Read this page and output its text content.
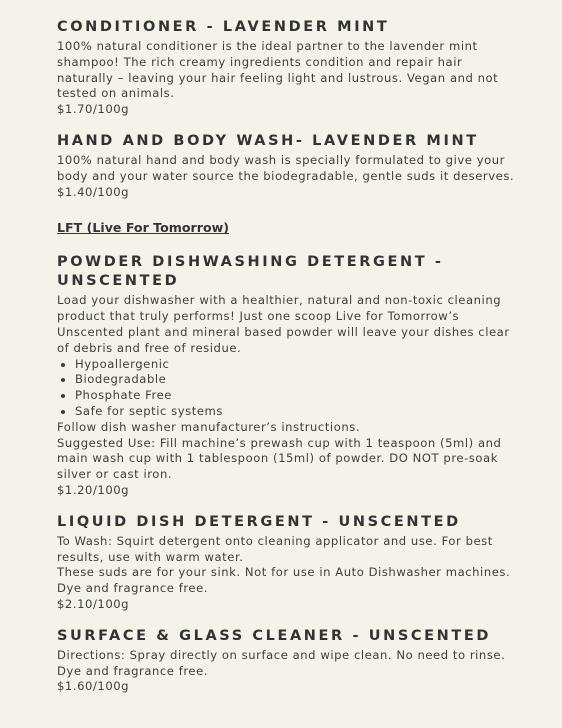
CONDITIONER - LAVENDER MINT

100% natural conditioner is the ideal partner to the lavender mint shampoo! The rich creamy ingredients condition and repair hair naturally – leaving your hair feeling light and lustrous. Vegan and not tested on animals.

$1.70/100g

HAND AND BODY WASH- LAVENDER MINT

100% natural hand and body wash is specially formulated to give your body and your water source the biodegradable, gentle suds it deserves.

$1.40/100g

LFT (Live For Tomorrow)
POWDER DISHWASHING DETERGENT - UNSCENTED

Load your dishwasher with a healthier, natural and non-toxic cleaning product that truly performs! Just one scoop Live for Tomorrow’s Unscented plant and mineral based powder will leave your dishes clear of debris and free of residue.

• Hypoallergenic
• Biodegradable
• Phosphate Free
• Safe for septic systems

Follow dish washer manufacturer’s instructions.

Suggested Use: Fill machine’s prewash cup with 1 teaspoon (5ml) and main wash cup with 1 tablespoon (15ml) of powder. DO NOT pre-soak silver or cast iron.

$1.20/100g

LIQUID DISH DETERGENT - UNSCENTED

To Wash: Squirt detergent onto cleaning applicator and use. For best results, use with warm water.

These suds are for your sink. Not for use in Auto Dishwasher machines. Dye and fragrance free.

$2.10/100g

SURFACE & GLASS CLEANER - UNSCENTED

Directions: Spray directly on surface and wipe clean. No need to rinse. Dye and fragrance free.

$1.60/100g
